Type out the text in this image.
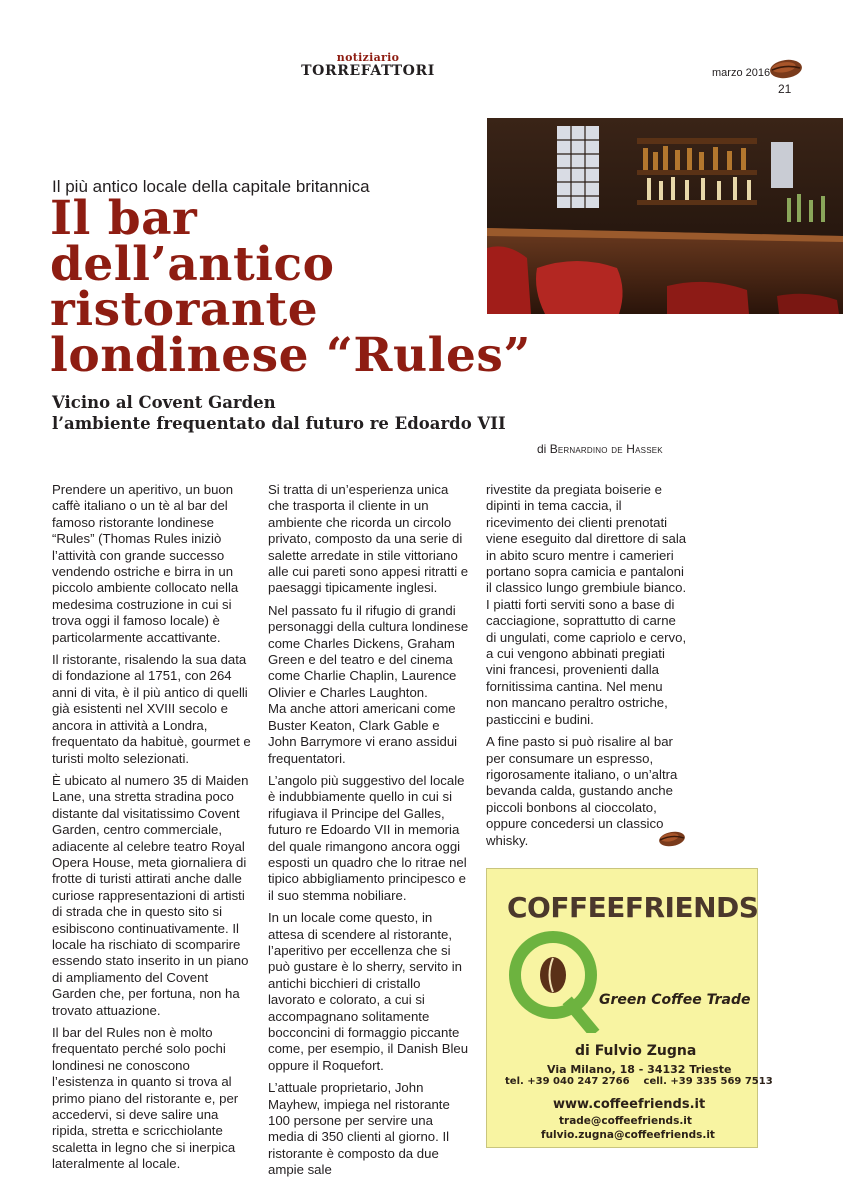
notiziario
TORREFATTORI	marzo 2016
21
Il più antico locale della capitale britannica
Il bar
dell’antico
ristorante
londinese “Rules”
Vicino al Covent Garden
l’ambiente frequentato dal futuro re Edoardo VII
di Bernardino de Hassek

Prendere un aperitivo, un buon caffè italiano o un tè al bar del famoso ristorante londinese “Rules” (Thomas Rules iniziò l’attività con grande successo vendendo ostriche e birra in un piccolo ambiente collocato nella medesima costruzione in cui si trova oggi il famoso locale) è particolarmente accattivante.

Il ristorante, risalendo la sua data di fondazione al 1751, con 264 anni di vita, è il più antico di quelli già esistenti nel XVIII secolo e ancora in attività a Londra, frequentato da habituè, gourmet e turisti molto selezionati.

È ubicato al numero 35 di Maiden Lane, una stretta stradina poco distante dal visitatissimo Covent Garden, centro commerciale, adiacente al celebre teatro Royal Opera House, meta giornaliera di frotte di turisti attirati anche dalle curiose rappresentazioni di artisti di strada che in questo sito si esibiscono continuativamente. Il locale ha rischiato di scomparire essendo stato inserito in un piano di ampliamento del Covent Garden che, per fortuna, non ha trovato attuazione.

Il bar del Rules non è molto frequentato perché solo pochi londinesi ne conoscono l’esistenza in quanto si trova al primo piano del ristorante e, per accedervi, si deve salire una ripida, stretta e scricchiolante scaletta in legno che si inerpica lateralmente al locale.

Si tratta di un’esperienza unica che trasporta il cliente in un ambiente che ricorda un circolo privato, composto da una serie di salette arredate in stile vittoriano alle cui pareti sono appesi ritratti e paesaggi tipicamente inglesi.

Nel passato fu il rifugio di grandi personaggi della cultura londinese come Charles Dickens, Graham Green e del teatro e del cinema come Charlie Chaplin, Laurence Olivier e Charles Laughton.
Ma anche attori americani come Buster Keaton, Clark Gable e John Barrymore vi erano assidui frequentatori.

L’angolo più suggestivo del locale è indubbiamente quello in cui si rifugiava il Principe del Galles, futuro re Edoardo VII in memoria del quale rimangono ancora oggi esposti un quadro che lo ritrae nel tipico abbigliamento principesco e il suo stemma nobiliare.

In un locale come questo, in attesa di scendere al ristorante, l’aperitivo per eccellenza che si può gustare è lo sherry, servito in antichi bicchieri di cristallo lavorato e colorato, a cui si accompagnano solitamente bocconcini di formaggio piccante come, per esempio, il Danish Bleu oppure il Roquefort.

L’attuale proprietario, John Mayhew, impiega nel ristorante 100 persone per servire una media di 350 clienti al giorno. Il ristorante è composto da due ampie sale

rivestite da pregiata boiserie e dipinti in tema caccia, il ricevimento dei clienti prenotati viene eseguito dal direttore di sala in abito scuro mentre i camerieri portano sopra camicia e pantaloni il classico lungo grembiule bianco. I piatti forti serviti sono a base di cacciagione, soprattutto di carne di ungulati, come capriolo e cervo, a cui vengono abbinati pregiati vini francesi, provenienti dalla fornitissima cantina. Nel menu non mancano peraltro ostriche, pasticcini e budini.

A fine pasto si può risalire al bar per consumare un espresso, rigorosamente italiano, o un’altra bevanda calda, gustando anche piccoli bonbons al cioccolato, oppure concedersi un classico whisky.

COFFEEFRIENDS
Green Coffee Trade
di Fulvio Zugna
Via Milano, 18 - 34132 Trieste
tel. +39 040 247 2766    cell. +39 335 569 7513
www.coffeefriends.it
trade@coffeefriends.it
fulvio.zugna@coffeefriends.it
